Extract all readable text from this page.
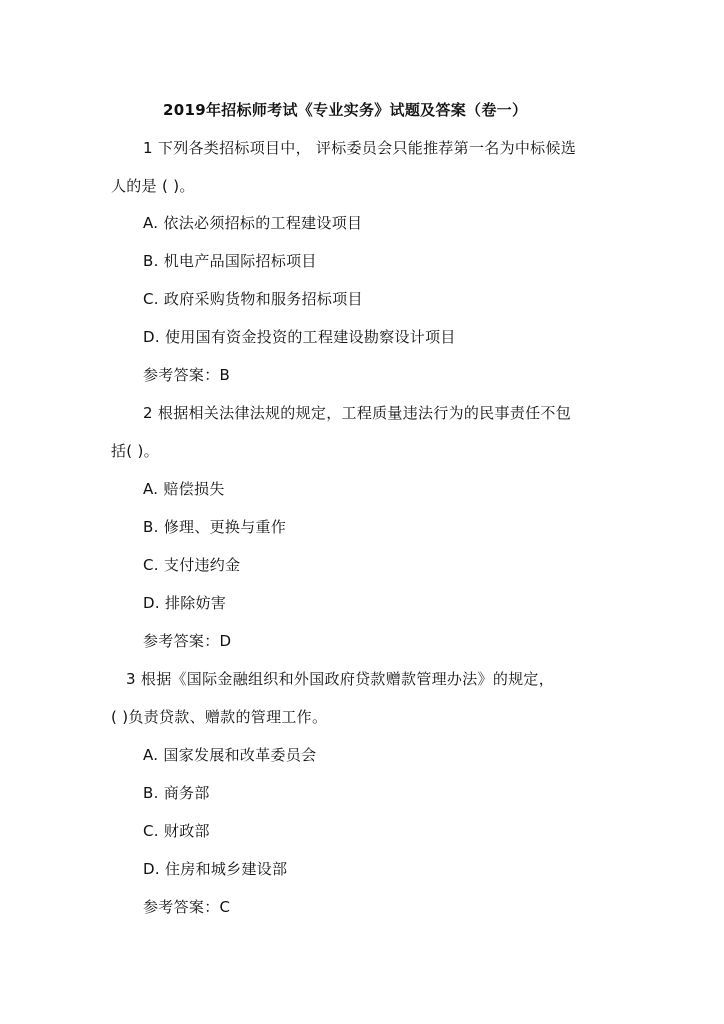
2019年招标师考试《专业实务》试题及答案（卷一）
1 下列各类招标项目中， 评标委员会只能推荐第一名为中标候选
人的是 ( )。
A. 依法必须招标的工程建设项目
B. 机电产品国际招标项目
C. 政府采购货物和服务招标项目
D. 使用国有资金投资的工程建设勘察设计项目
参考答案：B
2 根据相关法律法规的规定，工程质量违法行为的民事责任不包
括( )。
A. 赔偿损失
B. 修理、更换与重作
C. 支付违约金
D. 排除妨害
参考答案：D
3 根据《国际金融组织和外国政府贷款赠款管理办法》的规定，
( )负责贷款、赠款的管理工作。
A. 国家发展和改革委员会
B. 商务部
C. 财政部
D. 住房和城乡建设部
参考答案：C
